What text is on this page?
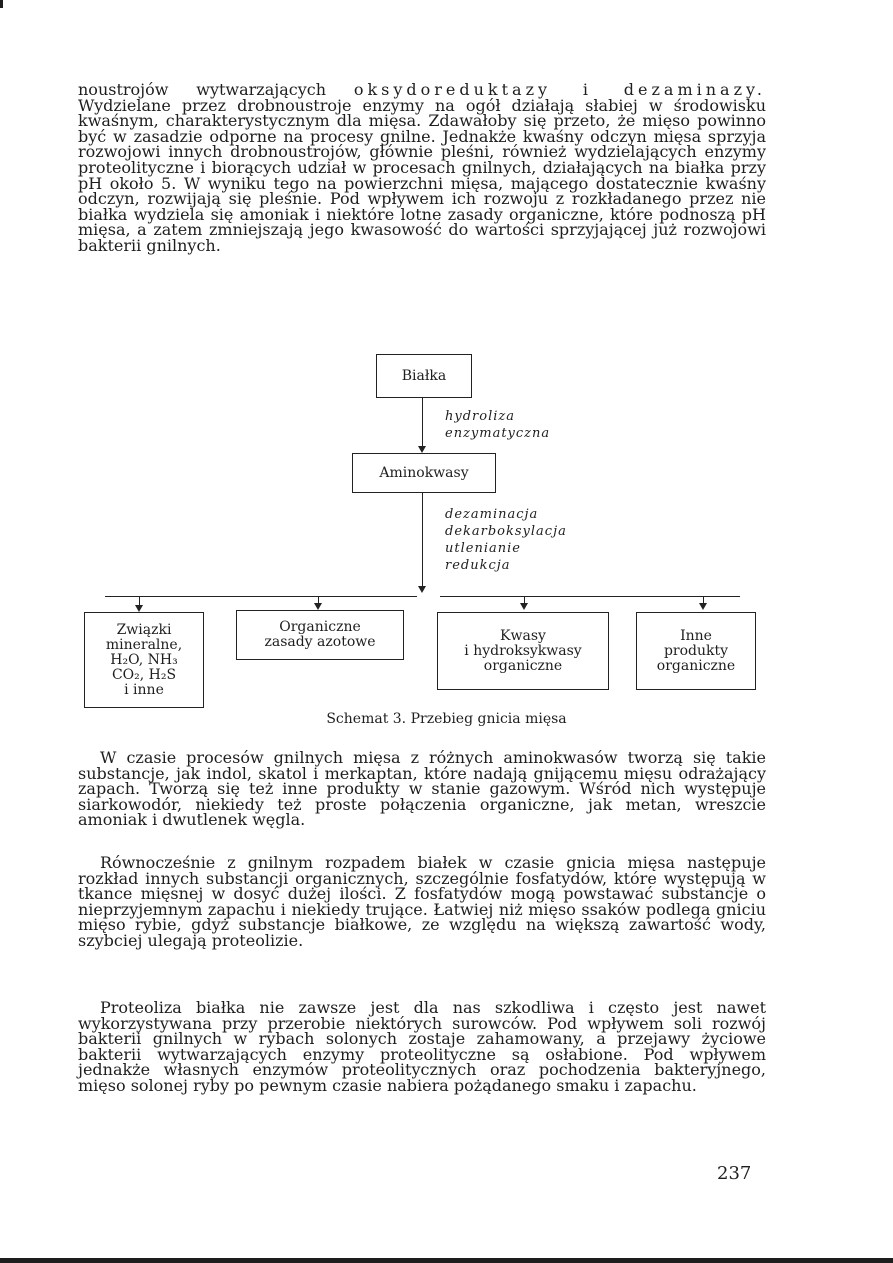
noustrojów wytwarzających oksydoreduktazy i dezaminazy. Wydzielane przez drobnoustroje enzymy na ogół działają słabiej w środowisku kwaśnym, charakterystycznym dla mięsa. Zdawałoby się przeto, że mięso powinno być w zasadzie odporne na procesy gnilne. Jednakże kwaśny odczyn mięsa sprzyja rozwojowi innych drobnoustrojów, głównie pleśni, również wydzielających enzymy proteolityczne i biorących udział w procesach gnilnych, działających na białka przy pH około 5. W wyniku tego na powierzchni mięsa, mającego dostatecznie kwaśny odczyn, rozwijają się pleśnie. Pod wpływem ich rozwoju z rozkładanego przez nie białka wydziela się amoniak i niektóre lotne zasady organiczne, które podnoszą pH mięsa, a zatem zmniejszają jego kwasowość do wartości sprzyjającej już rozwojowi bakterii gnilnych.

Białka
hydroliza
enzymatyczna
Aminokwasy
dezaminacja
dekarboksylacja
utlenianie
redukcja
Związki
mineralne,
H₂O, NH₃
CO₂, H₂S
i inne
Organiczne
zasady azotowe	Kwasy
i hydroksykwasy
organiczne
Inne
produkty
organiczne
Schemat 3. Przebieg gnicia mięsa

W czasie procesów gnilnych mięsa z różnych aminokwasów tworzą się takie substancje, jak indol, skatol i merkaptan, które nadają gnijącemu mięsu odrażający zapach. Tworzą się też inne produkty w stanie gazowym. Wśród nich występuje siarkowodór, niekiedy też proste połączenia organiczne, jak metan, wreszcie amoniak i dwutlenek węgla.

Równocześnie z gnilnym rozpadem białek w czasie gnicia mięsa następuje rozkład innych substancji organicznych, szczególnie fosfatydów, które występują w tkance mięsnej w dosyć dużej ilości. Z fosfatydów mogą powstawać substancje o nieprzyjemnym zapachu i niekiedy trujące. Łatwiej niż mięso ssaków podlega gniciu mięso rybie, gdyż substancje białkowe, ze względu na większą zawartość wody, szybciej ulegają proteolizie.

Proteoliza białka nie zawsze jest dla nas szkodliwa i często jest nawet wykorzystywana przy przerobie niektórych surowców. Pod wpływem soli rozwój bakterii gnilnych w rybach solonych zostaje zahamowany, a przejawy życiowe bakterii wytwarzających enzymy proteolityczne są osłabione. Pod wpływem jednakże własnych enzymów proteolitycznych oraz pochodzenia bakteryjnego, mięso solonej ryby po pewnym czasie nabiera pożądanego smaku i zapachu.

237
